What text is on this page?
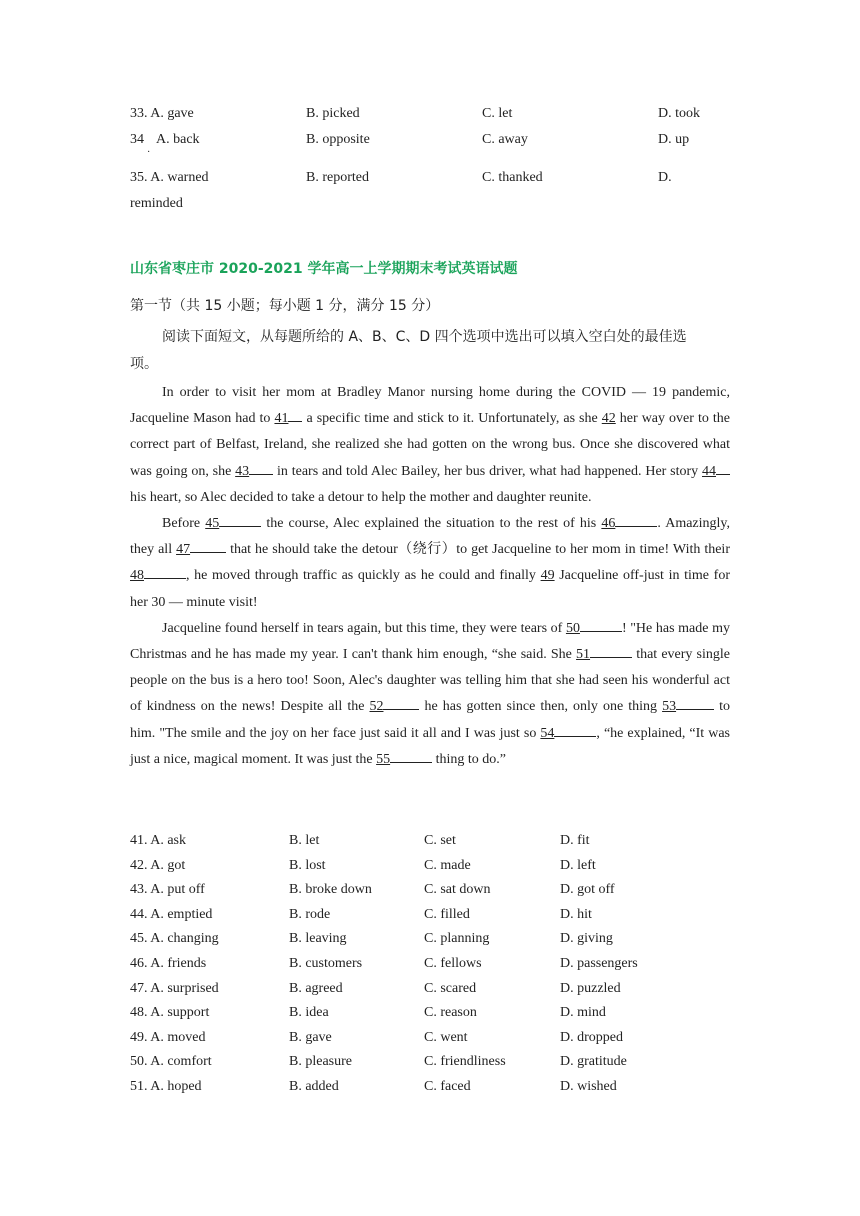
33. A. gave	B. picked	C. let	D. took
34 A. back	B. opposite	C. away	D. up
·
35. A. warned	B. reported	C. thanked	D.
reminded
山东省枣庄市 2020-2021 学年高一上学期期末考试英语试题
第一节（共 15 小题；每小题 1 分，满分 15 分）
阅读下面短文，从每题所给的 A、B、C、D 四个选项中选出可以填入空白处的最佳选
项。

In order to visit her mom at Bradley Manor nursing home during the COVID — 19 pandemic, Jacqueline Mason had to 41 a specific time and stick to it. Unfortunately, as she 42 her way over to the correct part of Belfast, Ireland, she realized she had gotten on the wrong bus. Once she discovered what was going on, she 43 in tears and told Alec Bailey, her bus driver, what had happened. Her story 44 his heart, so Alec decided to take a detour to help the mother and daughter reunite.

Before 45	the course, Alec explained the situation to the rest of his 46	. Amazingly, they all 47	that he should take the detour（绕行）to get Jacqueline to her mom in time! With their 48	, he moved through traffic as quickly as he could and finally 49 Jacqueline off-just in time for her 30 — minute visit!

Jacqueline found herself in tears again, but this time, they were tears of 50	! "He has made my Christmas and he has made my year. I can't thank him enough, “she said. She 51	that every single people on the bus is a hero too! Soon, Alec's daughter was telling him that she had seen his wonderful act of kindness on the news! Despite all the 52	he has gotten since then, only one thing 53	to him. "The smile and the joy on her face just said it all and I was just so 54	, “he explained, “It was just a nice, magical moment. It was just the 55	thing to do.”

41. A. ask	B. let	C. set	D. fit
42. A. got	B. lost	C. made	D. left
43. A. put off	B. broke down	C. sat down	D. got off
44. A. emptied	B. rode	C. filled	D. hit
45. A. changing	B. leaving	C. planning	D. giving
46. A. friends	B. customers	C. fellows	D. passengers
47. A. surprised	B. agreed	C. scared	D. puzzled
48. A. support	B. idea	C. reason	D. mind
49. A. moved	B. gave	C. went	D. dropped
50. A. comfort	B. pleasure	C. friendliness	D. gratitude
51. A. hoped	B. added	C. faced	D. wished
